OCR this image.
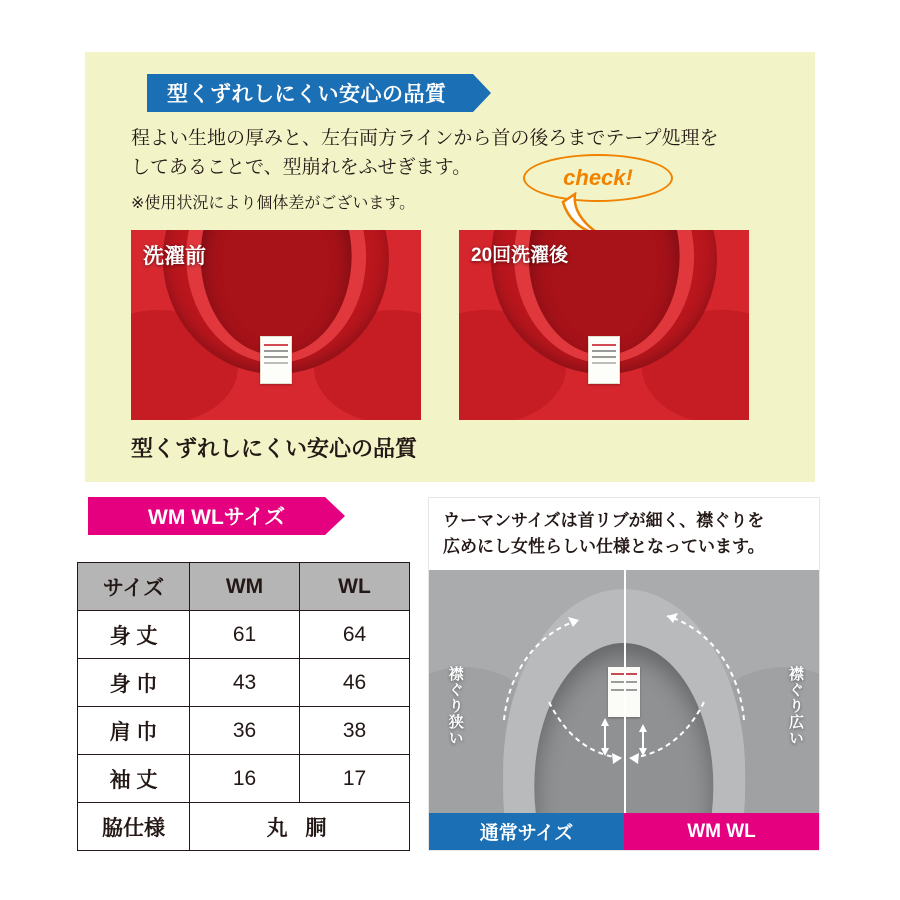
型くずれしにくい安心の品質
程よい生地の厚みと、左右両方ラインから首の後ろまでテープ処理を
してあることで、型崩れをふせぎます。
※使用状況により個体差がございます。
check!
洗濯前	20回洗濯後
型くずれしにくい安心の品質
WM WLサイズ
サイズ	WM	WL
身 丈	61	64
身 巾	43	46
肩 巾	36	38
袖 丈	16	17
脇仕様	丸 胴	
ウーマンサイズは首リブが細く、襟ぐりを
広めにし女性らしい仕様となっています。
襟ぐり狭い	襟ぐり広い
通常サイズ	WM WL
